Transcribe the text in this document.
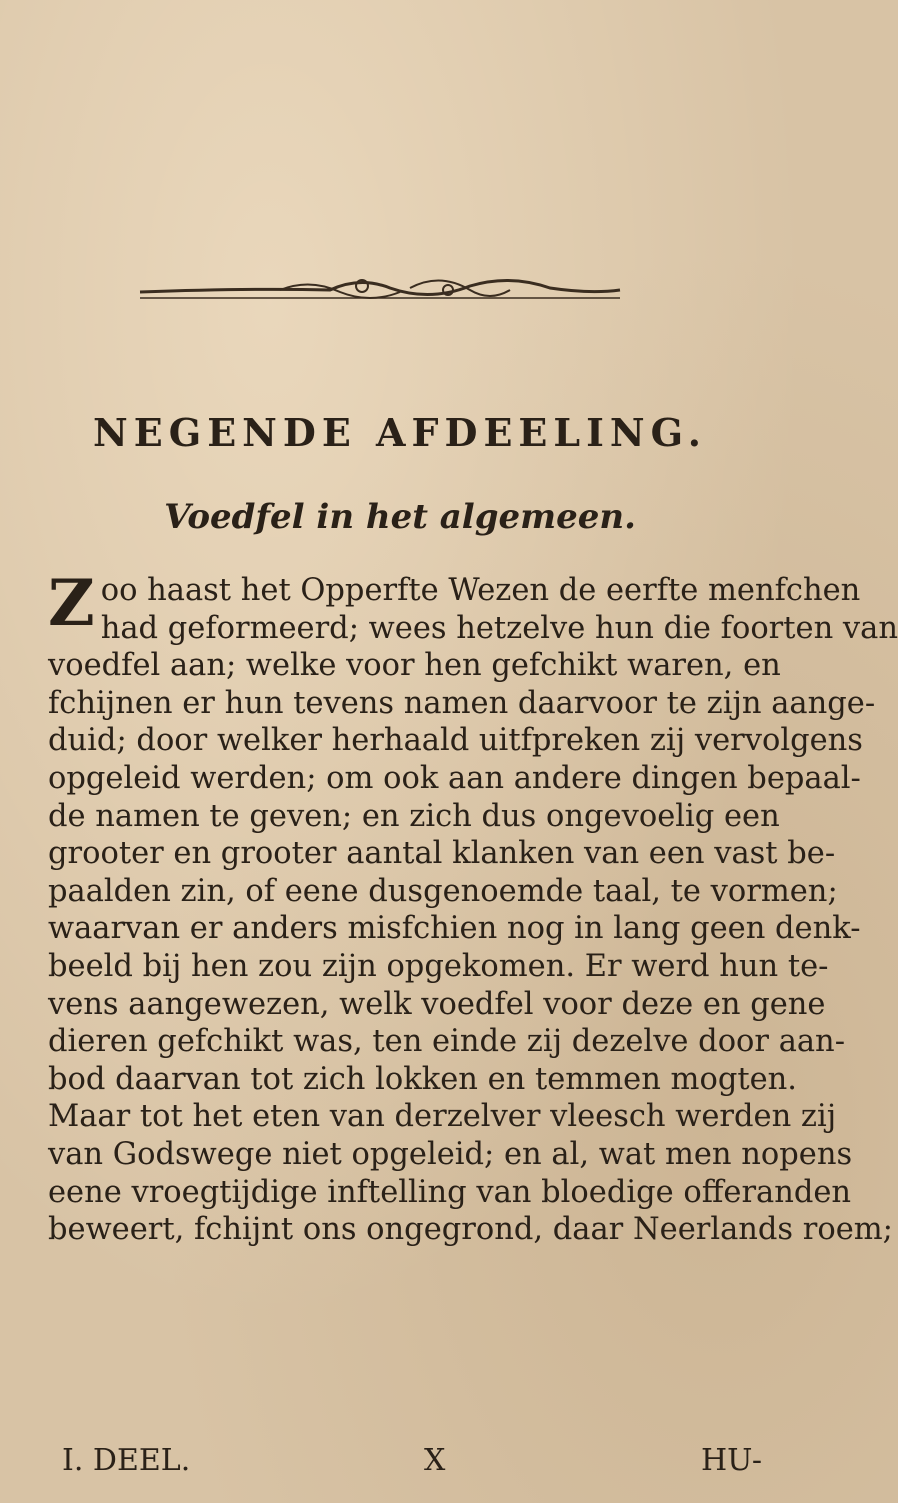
NEGENDE AFDEELING.
Voedfel in het algemeen.
Z oo haast het Opperfte Wezen de eerfte menfchen
had geformeerd; wees hetzelve hun die foorten van
voedfel aan; welke voor hen gefchikt waren, en
fchijnen er hun tevens namen daarvoor te zijn aange-
duid; door welker herhaald uitfpreken zij vervolgens
opgeleid werden; om ook aan andere dingen bepaal-
de namen te geven; en zich dus ongevoelig een
grooter en grooter aantal klanken van een vast be-
paalden zin, of eene dusgenoemde taal, te vormen;
waarvan er anders misfchien nog in lang geen denk-
beeld bij hen zou zijn opgekomen. Er werd hun te-
vens aangewezen, welk voedfel voor deze en gene
dieren gefchikt was, ten einde zij dezelve door aan-
bod daarvan tot zich lokken en temmen mogten.
Maar tot het eten van derzelver vleesch werden zij
van Godswege niet opgeleid; en al, wat men nopens
eene vroegtijdige inftelling van bloedige offeranden
beweert, fchijnt ons ongegrond, daar Neerlands roem;
I. DEEL.	X	HU-
